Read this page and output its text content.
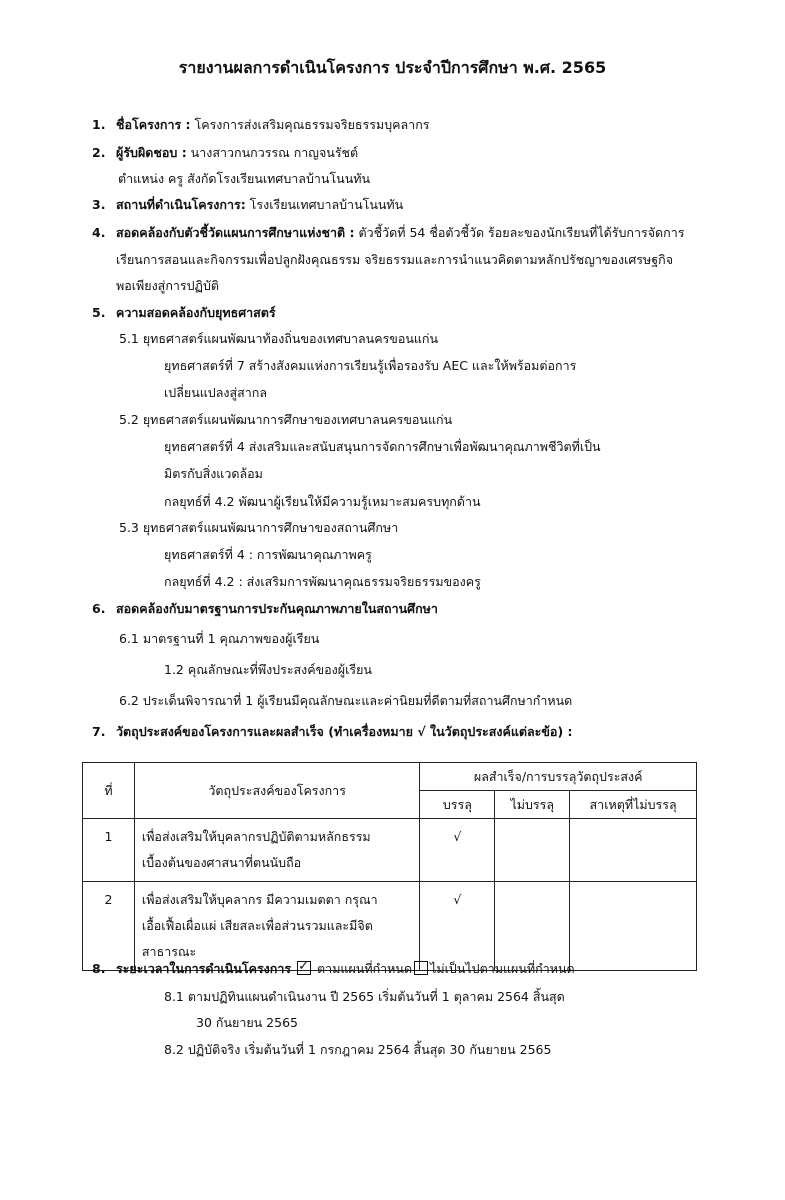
รายงานผลการดำเนินโครงการ ประจำปีการศึกษา พ.ศ. 2565
1. ชื่อโครงการ : โครงการส่งเสริมคุณธรรมจริยธรรมบุคลากร
2. ผู้รับผิดชอบ : นางสาวกนกวรรณ กาญจนรัชต์
ตำแหน่ง ครู สังกัดโรงเรียนเทศบาลบ้านโนนทัน
3. สถานที่ดำเนินโครงการ: โรงเรียนเทศบาลบ้านโนนทัน
4. สอดคล้องกับตัวชี้วัดแผนการศึกษาแห่งชาติ : ตัวชี้วัดที่ 54 ชื่อตัวชี้วัด ร้อยละของนักเรียนที่ได้รับการจัดการ
เรียนการสอนและกิจกรรมเพื่อปลูกฝังคุณธรรม จริยธรรมและการนำแนวคิดตามหลักปรัชญาของเศรษฐกิจ
พอเพียงสู่การปฏิบัติ
5. ความสอดคล้องกับยุทธศาสตร์
5.1 ยุทธศาสตร์แผนพัฒนาท้องถิ่นของเทศบาลนครขอนแก่น
ยุทธศาสตร์ที่ 7 สร้างสังคมแห่งการเรียนรู้เพื่อรองรับ AEC และให้พร้อมต่อการ
เปลี่ยนแปลงสู่สากล
5.2 ยุทธศาสตร์แผนพัฒนาการศึกษาของเทศบาลนครขอนแก่น
ยุทธศาสตร์ที่ 4 ส่งเสริมและสนับสนุนการจัดการศึกษาเพื่อพัฒนาคุณภาพชีวิตที่เป็น
มิตรกับสิ่งแวดล้อม
กลยุทธ์ที่ 4.2 พัฒนาผู้เรียนให้มีความรู้เหมาะสมครบทุกด้าน
5.3 ยุทธศาสตร์แผนพัฒนาการศึกษาของสถานศึกษา
ยุทธศาสตร์ที่ 4 : การพัฒนาคุณภาพครู
กลยุทธ์ที่ 4.2 : ส่งเสริมการพัฒนาคุณธรรมจริยธรรมของครู
6. สอดคล้องกับมาตรฐานการประกันคุณภาพภายในสถานศึกษา
6.1 มาตรฐานที่ 1 คุณภาพของผู้เรียน
1.2 คุณลักษณะที่พึงประสงค์ของผู้เรียน
6.2 ประเด็นพิจารณาที่ 1 ผู้เรียนมีคุณลักษณะและค่านิยมที่ดีตามที่สถานศึกษากำหนด
7. วัตถุประสงค์ของโครงการและผลสำเร็จ (ทำเครื่องหมาย √ ในวัตถุประสงค์แต่ละข้อ) :
ที่	วัตถุประสงค์ของโครงการ	ผลสำเร็จ/การบรรลุวัตถุประสงค์		
		บรรลุ	ไม่บรรลุ	สาเหตุที่ไม่บรรลุ

1	เพื่อส่งเสริมให้บุคลากรปฏิบัติตามหลักธรรม
เบื้องต้นของศาสนาที่ตนนับถือ	√		

2	เพื่อส่งเสริมให้บุคลากร มีความเมตตา กรุณา
เอื้อเฟื้อเผื่อแผ่ เสียสละเพื่อส่วนรวมและมีจิต
สาธารณะ	√		

8. ระยะเวลาในการดำเนินโครงการ ✓ ตามแผนที่กำหนด ไม่เป็นไปตามแผนที่กำหนด
8.1 ตามปฏิทินแผนดำเนินงาน ปี 2565 เริ่มต้นวันที่ 1 ตุลาคม 2564 สิ้นสุด
30 กันยายน 2565
8.2 ปฏิบัติจริง เริ่มต้นวันที่ 1 กรกฎาคม 2564 สิ้นสุด 30 กันยายน 2565
